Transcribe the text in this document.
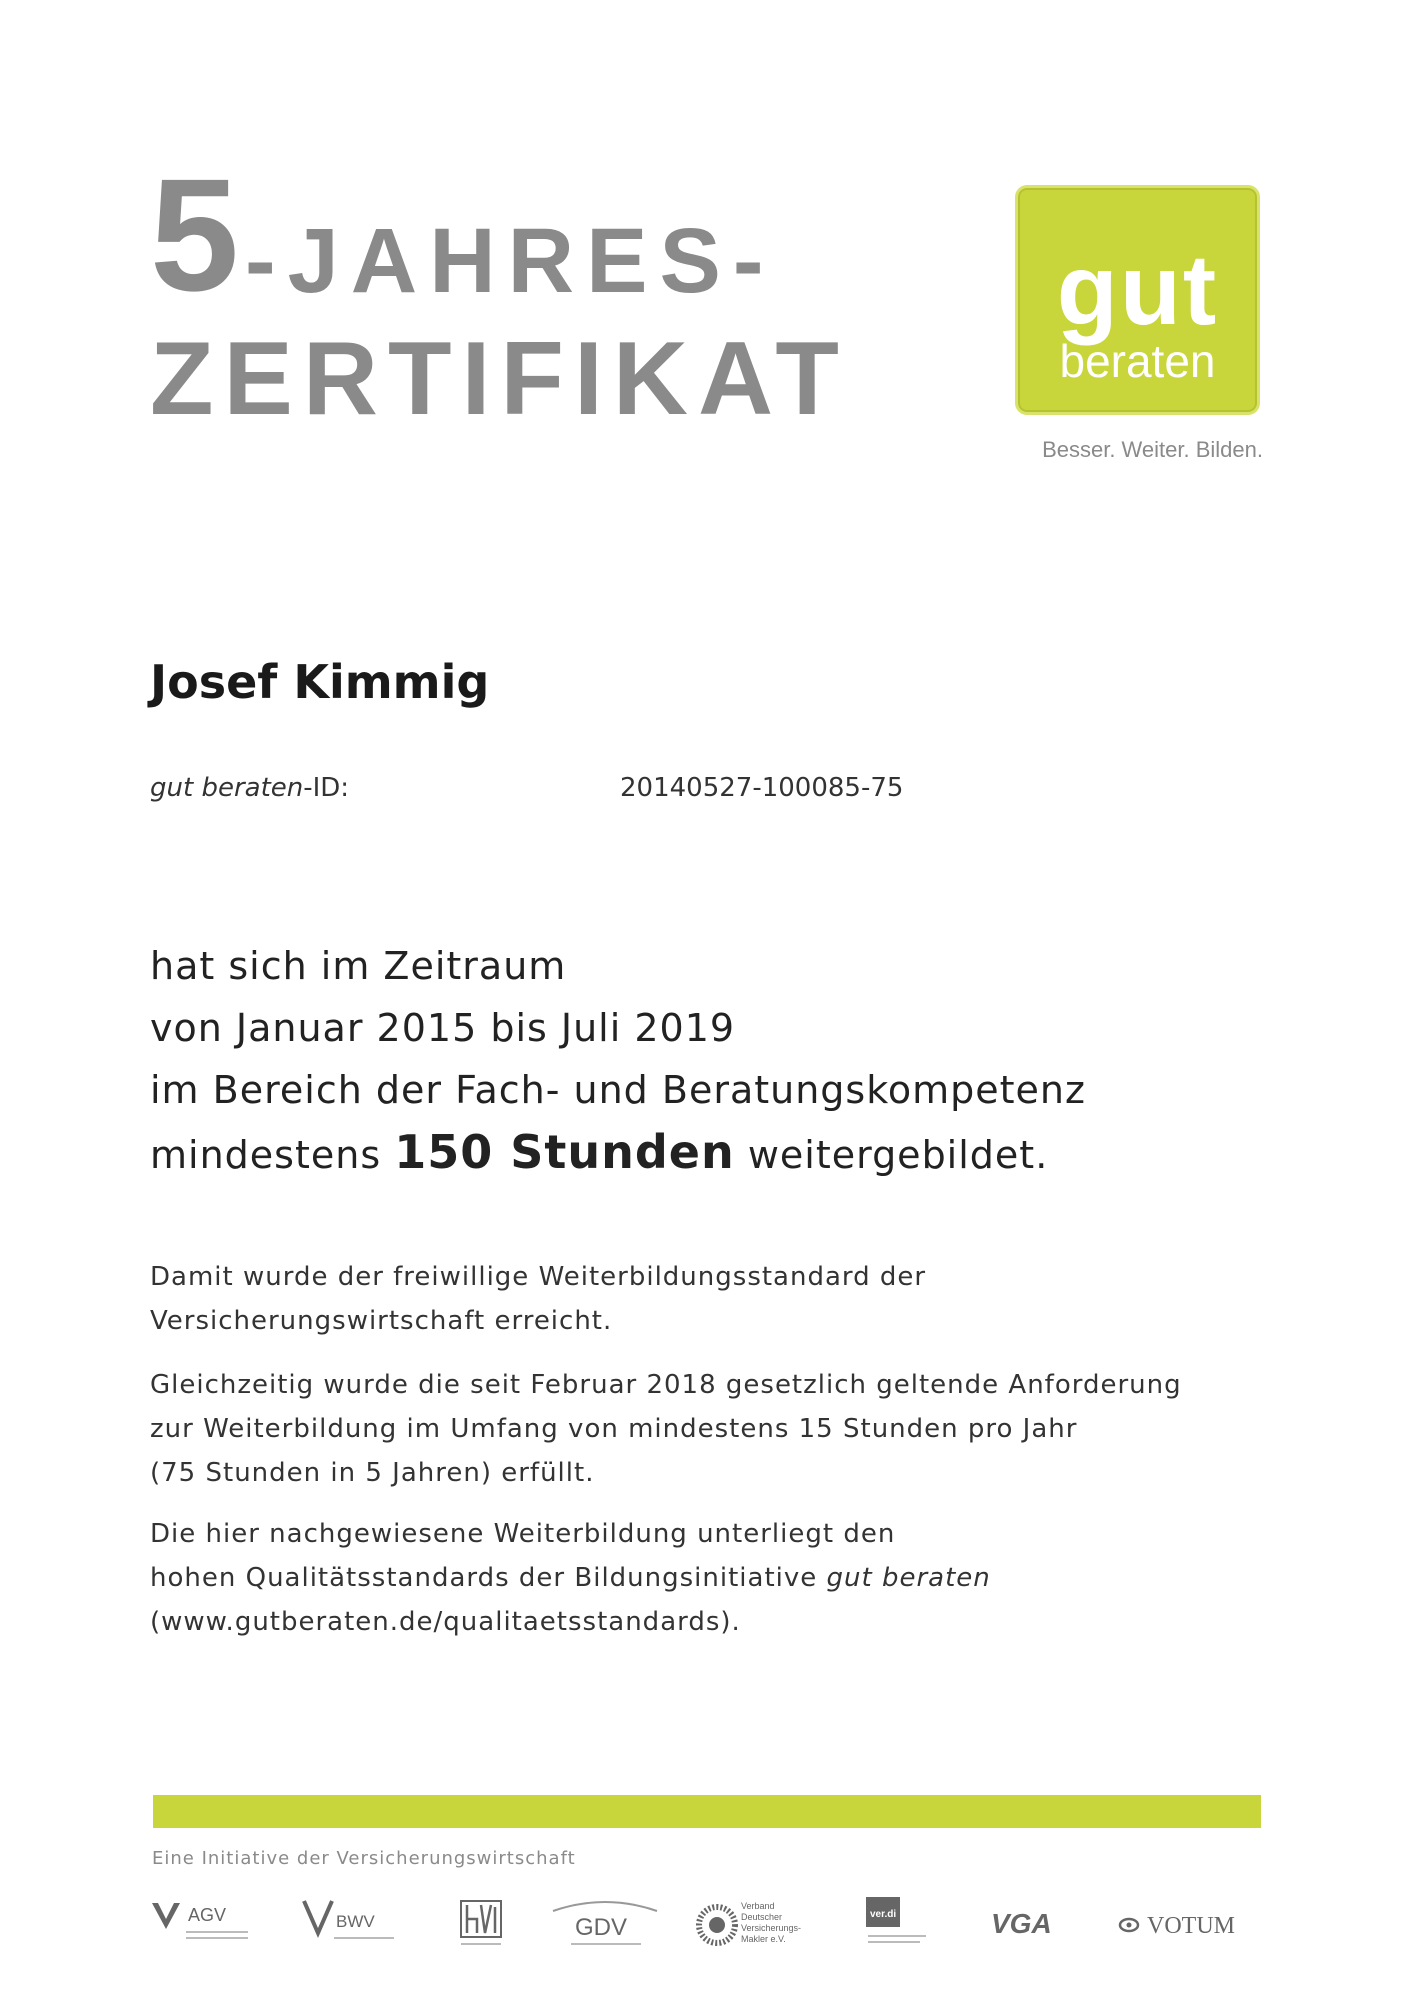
5 -JAHRES-
ZERTIFIKAT
gut
beraten
Besser. Weiter. Bilden.
Josef Kimmig
gut beraten-ID:	20140527-100085-75
hat sich im Zeitraum
von Januar 2015 bis Juli 2019
im Bereich der Fach- und Beratungskompetenz
mindestens 150 Stunden weitergebildet.
Damit wurde der freiwillige Weiterbildungsstandard der
Versicherungswirtschaft erreicht.
Gleichzeitig wurde die seit Februar 2018 gesetzlich geltende Anforderung
zur Weiterbildung im Umfang von mindestens 15 Stunden pro Jahr
(75 Stunden in 5 Jahren) erfüllt.
Die hier nachgewiesene Weiterbildung unterliegt den
hohen Qualitätsstandards der Bildungsinitiative gut beraten
(www.gutberaten.de/qualitaetsstandards).
Eine Initiative der Versicherungswirtschaft
AGV	BWV	GDV
Verband
Deutscher
Versicherungs-
Makler e.V.
ver.di	VGA	VOTUM
